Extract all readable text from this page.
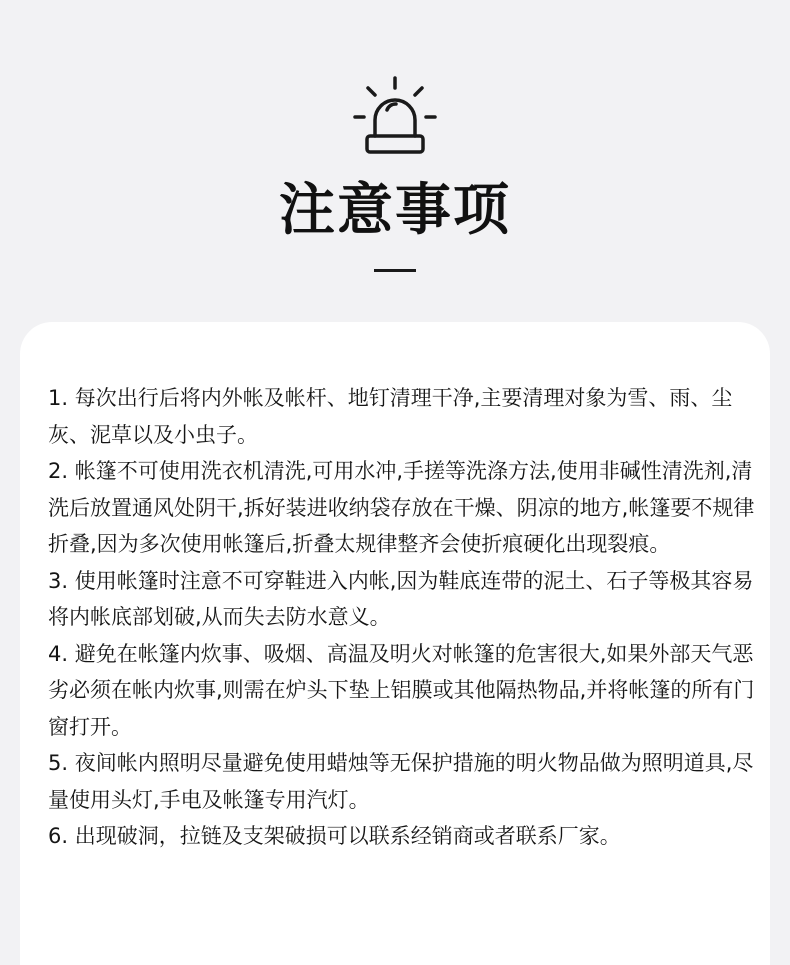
注意事项
1. 每次出行后将内外帐及帐杆、地钉清理干净,主要清理对象为雪、雨、尘灰、泥草以及小虫子。
2. 帐篷不可使用洗衣机清洗,可用水冲,手搓等洗涤方法,使用非碱性清洗剂,清洗后放置通风处阴干,拆好装进收纳袋存放在干燥、阴凉的地方,帐篷要不规律折叠,因为多次使用帐篷后,折叠太规律整齐会使折痕硬化出现裂痕。
3. 使用帐篷时注意不可穿鞋进入内帐,因为鞋底连带的泥土、石子等极其容易将内帐底部划破,从而失去防水意义。
4. 避免在帐篷内炊事、吸烟、高温及明火对帐篷的危害很大,如果外部天气恶劣必须在帐内炊事,则需在炉头下垫上铝膜或其他隔热物品,并将帐篷的所有门窗打开。
5. 夜间帐内照明尽量避免使用蜡烛等无保护措施的明火物品做为照明道具,尽量使用头灯,手电及帐篷专用汽灯。
6. 出现破洞，拉链及支架破损可以联系经销商或者联系厂家。
